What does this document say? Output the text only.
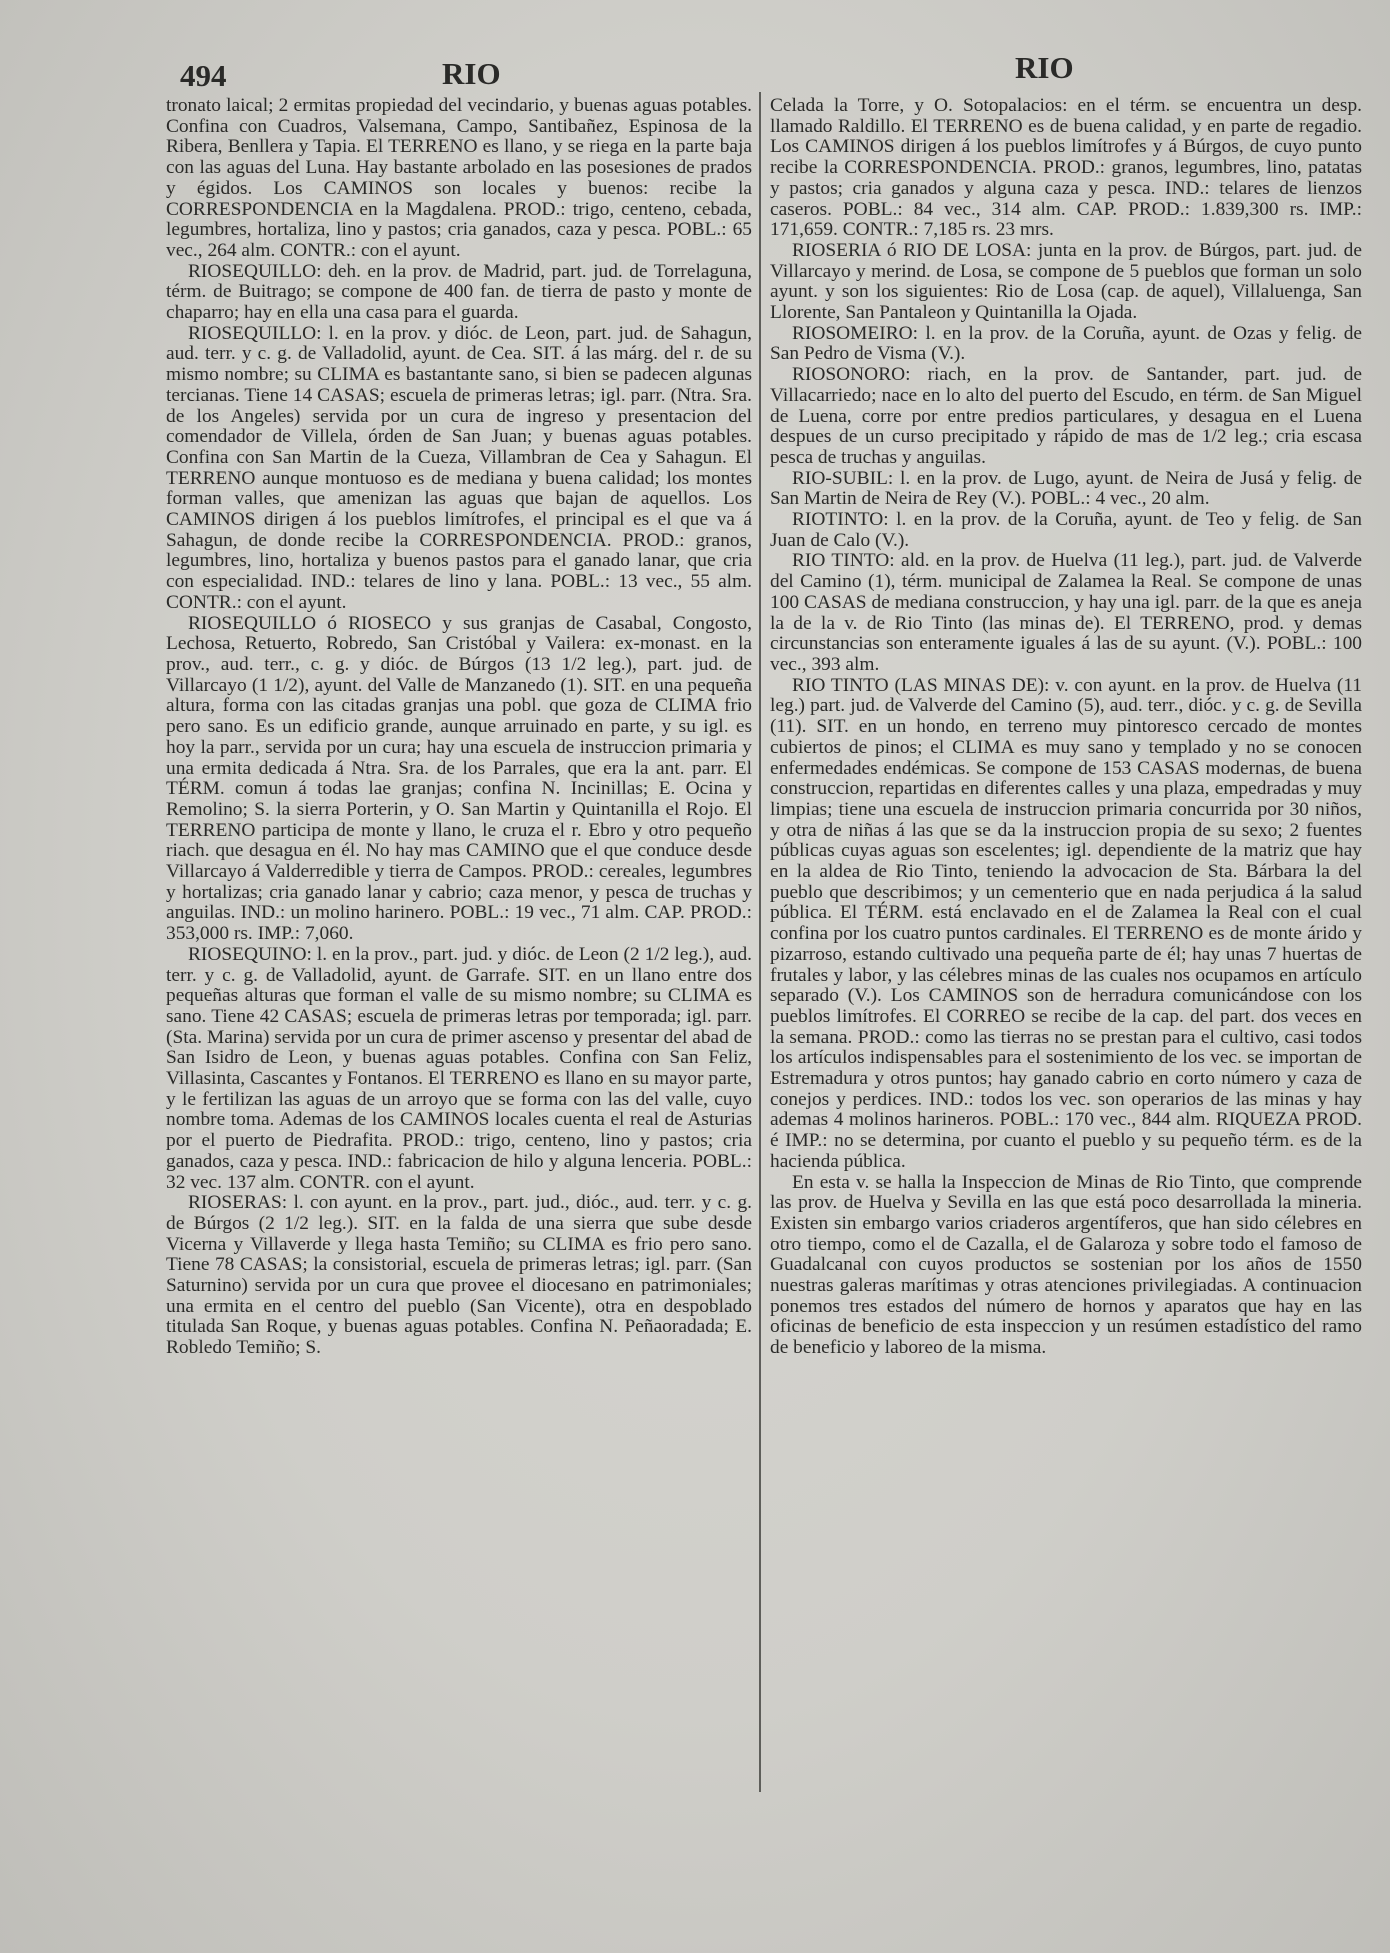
494	RIO	RIO

tronato laical; 2 ermitas propiedad del vecindario, y buenas aguas potables. Confina con Cuadros, Valsemana, Campo, Santibañez, Espinosa de la Ribera, Benllera y Tapia. El TERRENO es llano, y se riega en la parte baja con las aguas del Luna. Hay bastante arbolado en las posesiones de prados y égidos. Los CAMINOS son locales y buenos: recibe la CORRESPONDENCIA en la Magdalena. PROD.: trigo, centeno, cebada, legumbres, hortaliza, lino y pastos; cria ganados, caza y pesca. POBL.: 65 vec., 264 alm. CONTR.: con el ayunt.

RIOSEQUILLO: deh. en la prov. de Madrid, part. jud. de Torrelaguna, térm. de Buitrago; se compone de 400 fan. de tierra de pasto y monte de chaparro; hay en ella una casa para el guarda.

RIOSEQUILLO: l. en la prov. y dióc. de Leon, part. jud. de Sahagun, aud. terr. y c. g. de Valladolid, ayunt. de Cea. SIT. á las márg. del r. de su mismo nombre; su CLIMA es bastantante sano, si bien se padecen algunas tercianas. Tiene 14 CASAS; escuela de primeras letras; igl. parr. (Ntra. Sra. de los Angeles) servida por un cura de ingreso y presentacion del comendador de Villela, órden de San Juan; y buenas aguas potables. Confina con San Martin de la Cueza, Villambran de Cea y Sahagun. El TERRENO aunque montuoso es de mediana y buena calidad; los montes forman valles, que amenizan las aguas que bajan de aquellos. Los CAMINOS dirigen á los pueblos limítrofes, el principal es el que va á Sahagun, de donde recibe la CORRESPONDENCIA. PROD.: granos, legumbres, lino, hortaliza y buenos pastos para el ganado lanar, que cria con especialidad. IND.: telares de lino y lana. POBL.: 13 vec., 55 alm. CONTR.: con el ayunt.

RIOSEQUILLO ó RIOSECO y sus granjas de Casabal, Congosto, Lechosa, Retuerto, Robredo, San Cristóbal y Vailera: ex-monast. en la prov., aud. terr., c. g. y dióc. de Búrgos (13 1/2 leg.), part. jud. de Villarcayo (1 1/2), ayunt. del Valle de Manzanedo (1). SIT. en una pequeña altura, forma con las citadas granjas una pobl. que goza de CLIMA frio pero sano. Es un edificio grande, aunque arruinado en parte, y su igl. es hoy la parr., servida por un cura; hay una escuela de instruccion primaria y una ermita dedicada á Ntra. Sra. de los Parrales, que era la ant. parr. El TÉRM. comun á todas lae granjas; confina N. Incinillas; E. Ocina y Remolino; S. la sierra Porterin, y O. San Martin y Quintanilla el Rojo. El TERRENO participa de monte y llano, le cruza el r. Ebro y otro pequeño riach. que desagua en él. No hay mas CAMINO que el que conduce desde Villarcayo á Valderredible y tierra de Campos. PROD.: cereales, legumbres y hortalizas; cria ganado lanar y cabrio; caza menor, y pesca de truchas y anguilas. IND.: un molino harinero. POBL.: 19 vec., 71 alm. CAP. PROD.: 353,000 rs. IMP.: 7,060.

RIOSEQUINO: l. en la prov., part. jud. y dióc. de Leon (2 1/2 leg.), aud. terr. y c. g. de Valladolid, ayunt. de Garrafe. SIT. en un llano entre dos pequeñas alturas que forman el valle de su mismo nombre; su CLIMA es sano. Tiene 42 CASAS; escuela de primeras letras por temporada; igl. parr. (Sta. Marina) servida por un cura de primer ascenso y presentar del abad de San Isidro de Leon, y buenas aguas potables. Confina con San Feliz, Villasinta, Cascantes y Fontanos. El TERRENO es llano en su mayor parte, y le fertilizan las aguas de un arroyo que se forma con las del valle, cuyo nombre toma. Ademas de los CAMINOS locales cuenta el real de Asturias por el puerto de Piedrafita. PROD.: trigo, centeno, lino y pastos; cria ganados, caza y pesca. IND.: fabricacion de hilo y alguna lenceria. POBL.: 32 vec. 137 alm. CONTR. con el ayunt.

RIOSERAS: l. con ayunt. en la prov., part. jud., dióc., aud. terr. y c. g. de Búrgos (2 1/2 leg.). SIT. en la falda de una sierra que sube desde Vicerna y Villaverde y llega hasta Temiño; su CLIMA es frio pero sano. Tiene 78 CASAS; la consistorial, escuela de primeras letras; igl. parr. (San Saturnino) servida por un cura que provee el diocesano en patrimoniales; una ermita en el centro del pueblo (San Vicente), otra en despoblado titulada San Roque, y buenas aguas potables. Confina N. Peñaoradada; E. Robledo Temiño; S.

Celada la Torre, y O. Sotopalacios: en el térm. se encuentra un desp. llamado Raldillo. El TERRENO es de buena calidad, y en parte de regadio. Los CAMINOS dirigen á los pueblos limítrofes y á Búrgos, de cuyo punto recibe la CORRESPONDENCIA. PROD.: granos, legumbres, lino, patatas y pastos; cria ganados y alguna caza y pesca. IND.: telares de lienzos caseros. POBL.: 84 vec., 314 alm. CAP. PROD.: 1.839,300 rs. IMP.: 171,659. CONTR.: 7,185 rs. 23 mrs.

RIOSERIA ó RIO DE LOSA: junta en la prov. de Búrgos, part. jud. de Villarcayo y merind. de Losa, se compone de 5 pueblos que forman un solo ayunt. y son los siguientes: Rio de Losa (cap. de aquel), Villaluenga, San Llorente, San Pantaleon y Quintanilla la Ojada.

RIOSOMEIRO: l. en la prov. de la Coruña, ayunt. de Ozas y felig. de San Pedro de Visma (V.).

RIOSONORO: riach, en la prov. de Santander, part. jud. de Villacarriedo; nace en lo alto del puerto del Escudo, en térm. de San Miguel de Luena, corre por entre predios particulares, y desagua en el Luena despues de un curso precipitado y rápido de mas de 1/2 leg.; cria escasa pesca de truchas y anguilas.

RIO-SUBIL: l. en la prov. de Lugo, ayunt. de Neira de Jusá y felig. de San Martin de Neira de Rey (V.). POBL.: 4 vec., 20 alm.

RIOTINTO: l. en la prov. de la Coruña, ayunt. de Teo y felig. de San Juan de Calo (V.).

RIO TINTO: ald. en la prov. de Huelva (11 leg.), part. jud. de Valverde del Camino (1), térm. municipal de Zalamea la Real. Se compone de unas 100 CASAS de mediana construccion, y hay una igl. parr. de la que es aneja la de la v. de Rio Tinto (las minas de). El TERRENO, prod. y demas circunstancias son enteramente iguales á las de su ayunt. (V.). POBL.: 100 vec., 393 alm.

RIO TINTO (LAS MINAS DE): v. con ayunt. en la prov. de Huelva (11 leg.) part. jud. de Valverde del Camino (5), aud. terr., dióc. y c. g. de Sevilla (11). SIT. en un hondo, en terreno muy pintoresco cercado de montes cubiertos de pinos; el CLIMA es muy sano y templado y no se conocen enfermedades endémicas. Se compone de 153 CASAS modernas, de buena construccion, repartidas en diferentes calles y una plaza, empedradas y muy limpias; tiene una escuela de instruccion primaria concurrida por 30 niños, y otra de niñas á las que se da la instruccion propia de su sexo; 2 fuentes públicas cuyas aguas son escelentes; igl. dependiente de la matriz que hay en la aldea de Rio Tinto, teniendo la advocacion de Sta. Bárbara la del pueblo que describimos; y un cementerio que en nada perjudica á la salud pública. El TÉRM. está enclavado en el de Zalamea la Real con el cual confina por los cuatro puntos cardinales. El TERRENO es de monte árido y pizarroso, estando cultivado una pequeña parte de él; hay unas 7 huertas de frutales y labor, y las célebres minas de las cuales nos ocupamos en artículo separado (V.). Los CAMINOS son de herradura comunicándose con los pueblos limítrofes. El CORREO se recibe de la cap. del part. dos veces en la semana. PROD.: como las tierras no se prestan para el cultivo, casi todos los artículos indispensables para el sostenimiento de los vec. se importan de Estremadura y otros puntos; hay ganado cabrio en corto número y caza de conejos y perdices. IND.: todos los vec. son operarios de las minas y hay ademas 4 molinos harineros. POBL.: 170 vec., 844 alm. RIQUEZA PROD. é IMP.: no se determina, por cuanto el pueblo y su pequeño térm. es de la hacienda pública.

En esta v. se halla la Inspeccion de Minas de Rio Tinto, que comprende las prov. de Huelva y Sevilla en las que está poco desarrollada la mineria. Existen sin embargo varios criaderos argentíferos, que han sido célebres en otro tiempo, como el de Cazalla, el de Galaroza y sobre todo el famoso de Guadalcanal con cuyos productos se sostenian por los años de 1550 nuestras galeras marítimas y otras atenciones privilegiadas. A continuacion ponemos tres estados del número de hornos y aparatos que hay en las oficinas de beneficio de esta inspeccion y un resúmen estadístico del ramo de beneficio y laboreo de la misma.
